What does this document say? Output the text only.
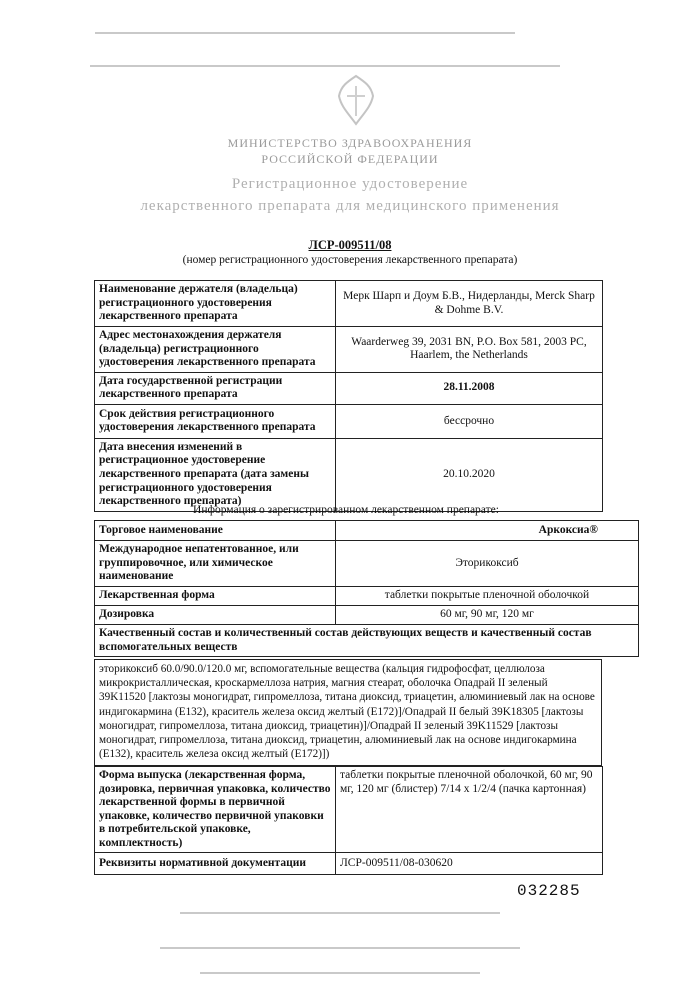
МИНИСТЕРСТВО ЗДРАВООХРАНЕНИЯ
РОССИЙСКОЙ ФЕДЕРАЦИИ
Регистрационное удостоверение
лекарственного препарата для медицинского применения
ЛСР-009511/08
(номер регистрационного удостоверения лекарственного препарата)
Наименование держателя (владельца) регистрационного удостоверения лекарственного препарата	Мерк Шарп и Доум Б.В., Нидерланды, Merck Sharp & Dohme B.V.
Адрес местонахождения держателя (владельца) регистрационного удостоверения лекарственного препарата	Waarderweg 39, 2031 BN, P.O. Box 581, 2003 PC, Haarlem, the Netherlands
Дата государственной регистрации лекарственного препарата	28.11.2008
Срок действия регистрационного удостоверения лекарственного препарата	бессрочно
Дата внесения изменений в регистрационное удостоверение лекарственного препарата (дата замены регистрационного удостоверения лекарственного препарата)	20.10.2020
Информация о зарегистрированном лекарственном препарате:
Торговое наименование	Аркоксиа®
Международное непатентованное, или группировочное, или химическое наименование	Эторикоксиб
Лекарственная форма	таблетки покрытые пленочной оболочкой
Дозировка	60 мг, 90 мг, 120 мг
Качественный состав и количественный состав действующих веществ и качественный состав вспомогательных веществ	
эторикоксиб 60.0/90.0/120.0 мг, вспомогательные вещества (кальция гидрофосфат, целлюлоза микрокристаллическая, кроскармеллоза натрия, магния стеарат, оболочка Опадрай II зеленый 39K11520 [лактозы моногидрат, гипромеллоза, титана диоксид, триацетин, алюминиевый лак на основе индигокармина (E132), краситель железа оксид желтый (E172)]/Опадрай II белый 39K18305 [лактозы моногидрат, гипромеллоза, титана диоксид, триацетин)]/Опадрай II зеленый 39K11529 [лактозы моногидрат, гипромеллоза, титана диоксид, триацетин, алюминиевый лак на основе индигокармина (E132), краситель железа оксид желтый (E172)])
Форма выпуска (лекарственная форма, дозировка, первичная упаковка, количество лекарственной формы в первичной упаковке, количество первичной упаковки в потребительской упаковке, комплектность)	таблетки покрытые пленочной оболочкой, 60 мг, 90 мг, 120 мг (блистер) 7/14 x 1/2/4 (пачка картонная)
Реквизиты нормативной документации	ЛСР-009511/08-030620
032285
